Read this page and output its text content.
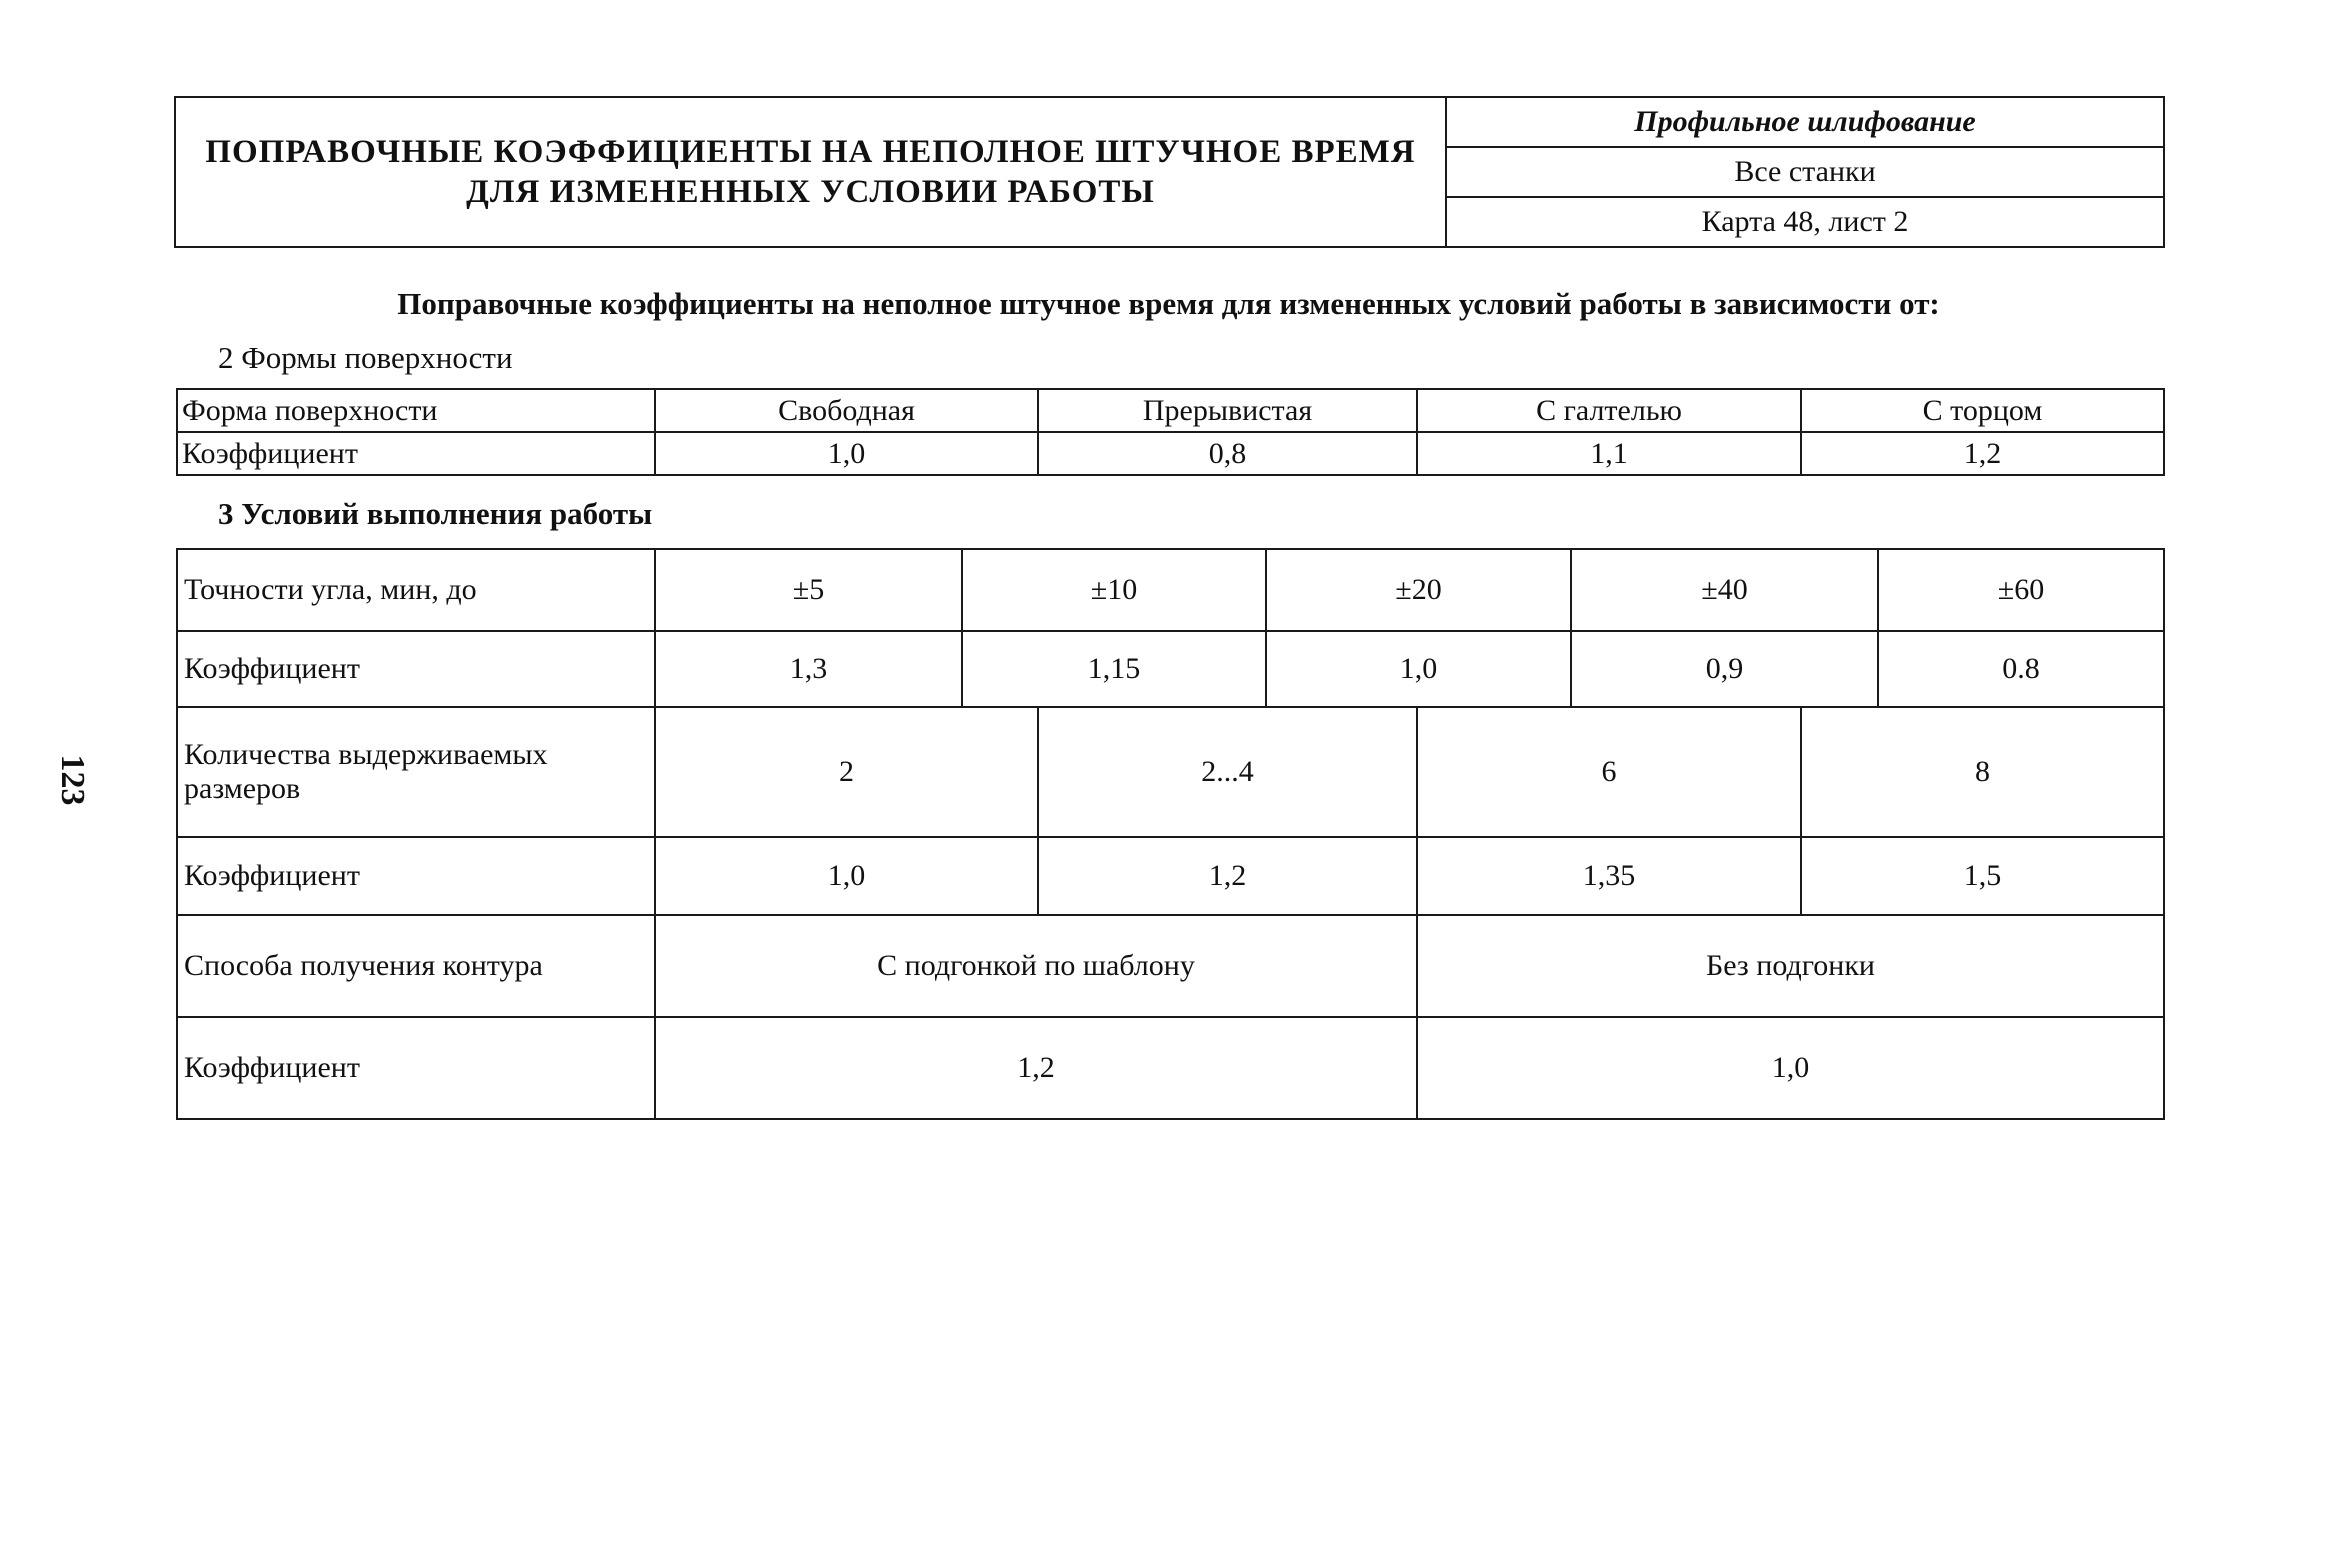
123
ПОПРАВОЧНЫЕ КОЭФФИЦИЕНТЫ НА НЕПОЛНОЕ ШТУЧНОЕ ВРЕМЯ ДЛЯ ИЗМЕНЕННЫХ УСЛОВИИ РАБОТЫ	Профильное шлифование
Все станки
Карта 48, лист 2
Поправочные коэффициенты на неполное штучное время для измененных условий работы в зависимости от:
2 Формы поверхности
Форма поверхности	Свободная	Прерывистая	С галтелью	С торцом
Коэффициент	1,0	0,8	1,1	1,2
3 Условий выполнения работы
Точности угла, мин, до	±5	±10		±20		±40		±60
Коэффициент	1,3	1,15		1,0		0,9		0.8
Количества выдерживаемых размеров	2		2...4		6		8	
Коэффициент	1,0		1,2		1,35		1,5	
Способа получения контура	С подгонкой по шаблону				Без подгонки			
Коэффициент	1,2				1,0			
